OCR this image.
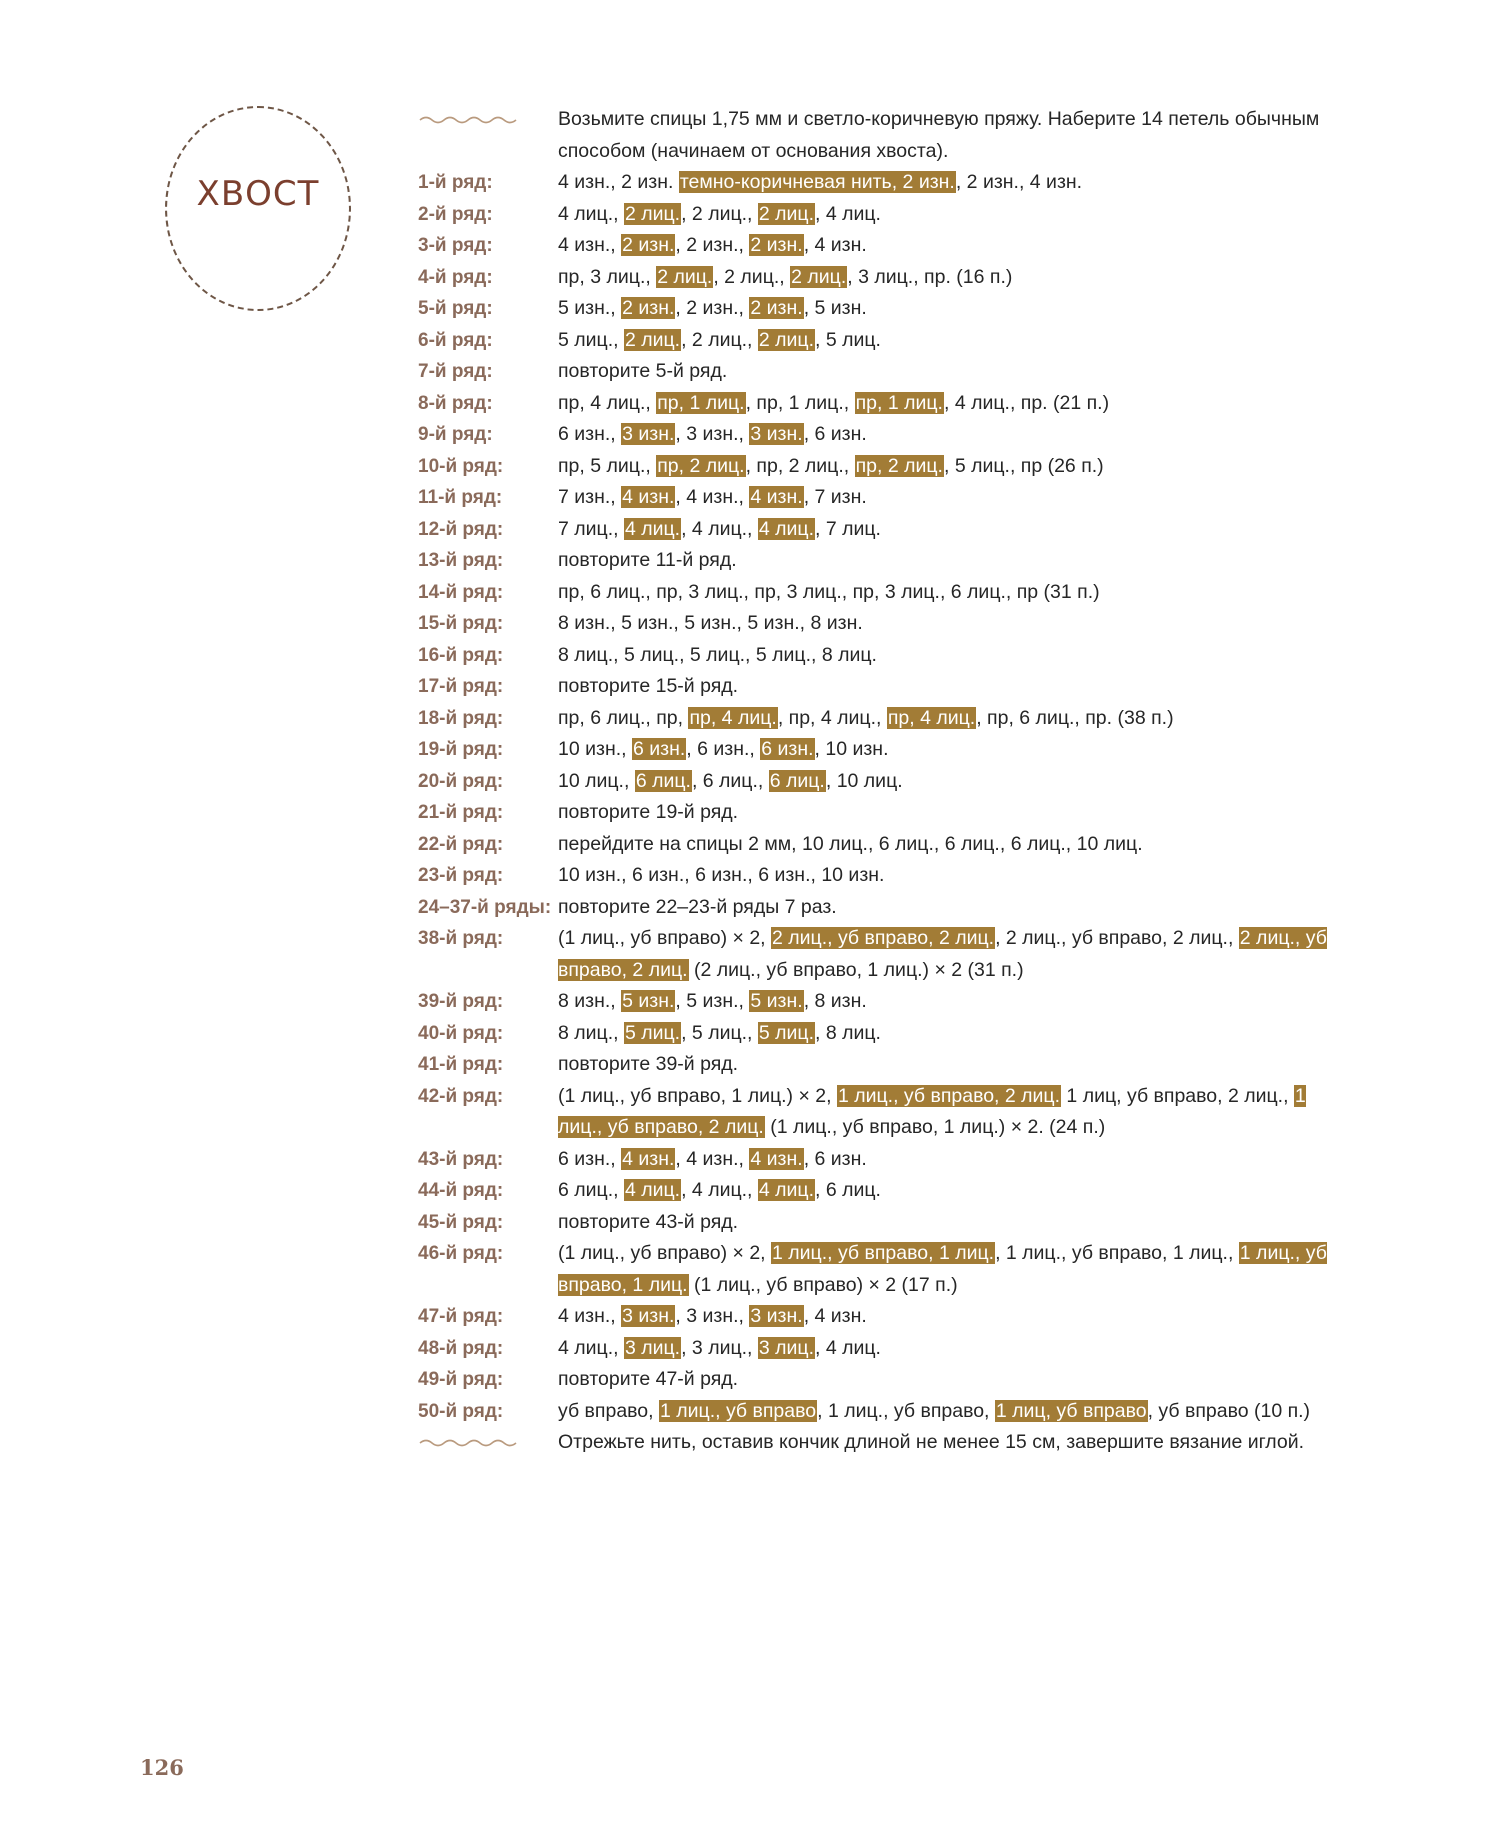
ХВОСТ
Возьмите спицы 1,75 мм и светло-коричневую пряжу. Наберите 14 петель обычным способом (начинаем от основания хвоста).
1-й ряд:	4 изн., 2 изн. темно-коричневая нить, 2 изн., 2 изн., 4 изн.
2-й ряд:	4 лиц., 2 лиц., 2 лиц., 2 лиц., 4 лиц.
3-й ряд:	4 изн., 2 изн., 2 изн., 2 изн., 4 изн.
4-й ряд:	пр, 3 лиц., 2 лиц., 2 лиц., 2 лиц., 3 лиц., пр. (16 п.)
5-й ряд:	5 изн., 2 изн., 2 изн., 2 изн., 5 изн.
6-й ряд:	5 лиц., 2 лиц., 2 лиц., 2 лиц., 5 лиц.
7-й ряд:	повторите 5-й ряд.
8-й ряд:	пр, 4 лиц., пр, 1 лиц., пр, 1 лиц., пр, 1 лиц., 4 лиц., пр. (21 п.)
9-й ряд:	6 изн., 3 изн., 3 изн., 3 изн., 6 изн.
10-й ряд:	пр, 5 лиц., пр, 2 лиц., пр, 2 лиц., пр, 2 лиц., 5 лиц., пр (26 п.)
11-й ряд:	7 изн., 4 изн., 4 изн., 4 изн., 7 изн.
12-й ряд:	7 лиц., 4 лиц., 4 лиц., 4 лиц., 7 лиц.
13-й ряд:	повторите 11-й ряд.
14-й ряд:	пр, 6 лиц., пр, 3 лиц., пр, 3 лиц., пр, 3 лиц., 6 лиц., пр (31 п.)
15-й ряд:	8 изн., 5 изн., 5 изн., 5 изн., 8 изн.
16-й ряд:	8 лиц., 5 лиц., 5 лиц., 5 лиц., 8 лиц.
17-й ряд:	повторите 15-й ряд.
18-й ряд:	пр, 6 лиц., пр, пр, 4 лиц., пр, 4 лиц., пр, 4 лиц., пр, 6 лиц., пр. (38 п.)
19-й ряд:	10 изн., 6 изн., 6 изн., 6 изн., 10 изн.
20-й ряд:	10 лиц., 6 лиц., 6 лиц., 6 лиц., 10 лиц.
21-й ряд:	повторите 19-й ряд.
22-й ряд:	перейдите на спицы 2 мм, 10 лиц., 6 лиц., 6 лиц., 6 лиц., 10 лиц.
23-й ряд:	10 изн., 6 изн., 6 изн., 6 изн., 10 изн.
24–37-й ряды: повторите 22–23-й ряды 7 раз.
38-й ряд:	(1 лиц., уб вправо) × 2, 2 лиц., уб вправо, 2 лиц., 2 лиц., уб вправо, 2 лиц., 2 лиц., уб вправо, 2 лиц. (2 лиц., уб вправо, 1 лиц.) × 2 (31 п.)
39-й ряд:	8 изн., 5 изн., 5 изн., 5 изн., 8 изн.
40-й ряд:	8 лиц., 5 лиц., 5 лиц., 5 лиц., 8 лиц.
41-й ряд:	повторите 39-й ряд.
42-й ряд:	(1 лиц., уб вправо, 1 лиц.) × 2, 1 лиц., уб вправо, 2 лиц. 1 лиц, уб вправо, 2 лиц., 1 лиц., уб вправо, 2 лиц. (1 лиц., уб вправо, 1 лиц.) × 2. (24 п.)
43-й ряд:	6 изн., 4 изн., 4 изн., 4 изн., 6 изн.
44-й ряд:	6 лиц., 4 лиц., 4 лиц., 4 лиц., 6 лиц.
45-й ряд:	повторите 43-й ряд.
46-й ряд:	(1 лиц., уб вправо) × 2, 1 лиц., уб вправо, 1 лиц., 1 лиц., уб вправо, 1 лиц., 1 лиц., уб вправо, 1 лиц. (1 лиц., уб вправо) × 2 (17 п.)
47-й ряд:	4 изн., 3 изн., 3 изн., 3 изн., 4 изн.
48-й ряд:	4 лиц., 3 лиц., 3 лиц., 3 лиц., 4 лиц.
49-й ряд:	повторите 47-й ряд.
50-й ряд:	уб вправо, 1 лиц., уб вправо, 1 лиц., уб вправо, 1 лиц, уб вправо, уб вправо (10 п.)
Отрежьте нить, оставив кончик длиной не менее 15 см, завершите вязание иглой.
126
